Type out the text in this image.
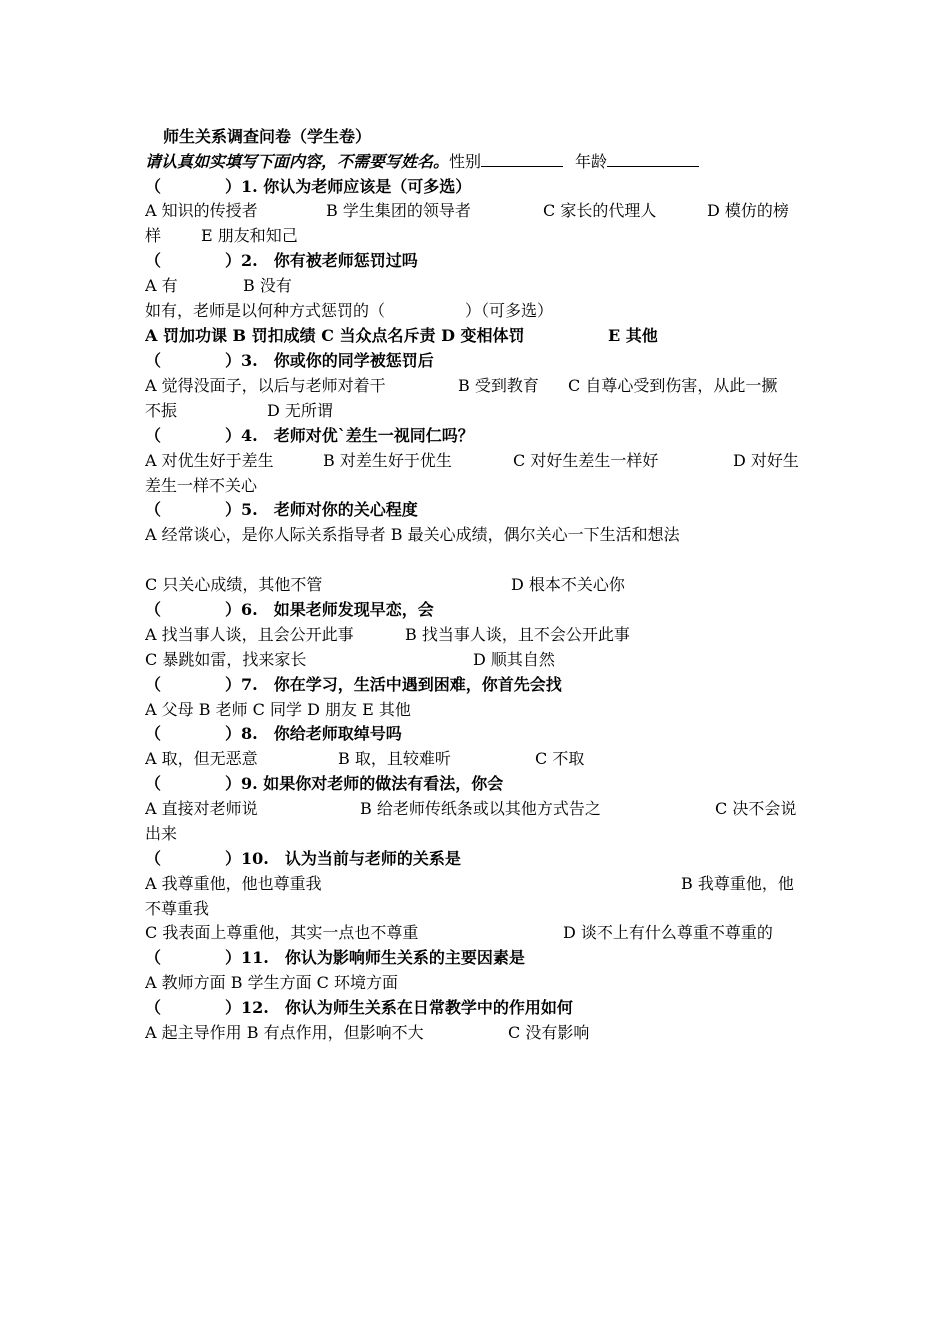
师生关系调查问卷（学生卷）
请认真如实填写下面内容，不需要写姓名。性别	年龄
（　　　　）1. 你认为老师应该是（可多选）
A 知识的传授者	B 学生集团的领导者	C 家长的代理人	D 模仿的榜
样 E 朋友和知己
（　　　　）2.　你有被老师惩罚过吗
A 有	B 没有
如有，老师是以何种方式惩罚的（　　　　　）（可多选）
A 罚加功课 B 罚扣成绩 C 当众点名斥责 D 变相体罚	E 其他
（　　　　）3.　你或你的同学被惩罚后
A 觉得没面子，以后与老师对着干	B 受到教育 C 自尊心受到伤害，从此一撅
不振	D 无所谓
（　　　　）4.　老师对优`差生一视同仁吗？
A 对优生好于差生	B 对差生好于优生	C 对好生差生一样好	D 对好生
差生一样不关心
（　　　　）5.　老师对你的关心程度
A 经常谈心，是你人际关系指导者 B 最关心成绩，偶尔关心一下生活和想法
C 只关心成绩，其他不管	D 根本不关心你
（　　　　）6.　如果老师发现早恋，会
A 找当事人谈，且会公开此事	B 找当事人谈，且不会公开此事
C 暴跳如雷，找来家长	D 顺其自然
（　　　　）7.　你在学习，生活中遇到困难，你首先会找
A 父母 B 老师 C 同学 D 朋友 E 其他
（　　　　）8.　你给老师取绰号吗
A 取，但无恶意	B 取，且较难听	C 不取
（　　　　）9. 如果你对老师的做法有看法，你会
A 直接对老师说	B 给老师传纸条或以其他方式告之	C 决不会说
出来
（　　　　）10.　认为当前与老师的关系是
A 我尊重他，他也尊重我	B 我尊重他，他
不尊重我
C 我表面上尊重他，其实一点也不尊重	D 谈不上有什么尊重不尊重的
（　　　　）11.　你认为影响师生关系的主要因素是
A 教师方面 B 学生方面 C 环境方面
（　　　　）12.　你认为师生关系在日常教学中的作用如何
A 起主导作用 B 有点作用，但影响不大	C 没有影响
